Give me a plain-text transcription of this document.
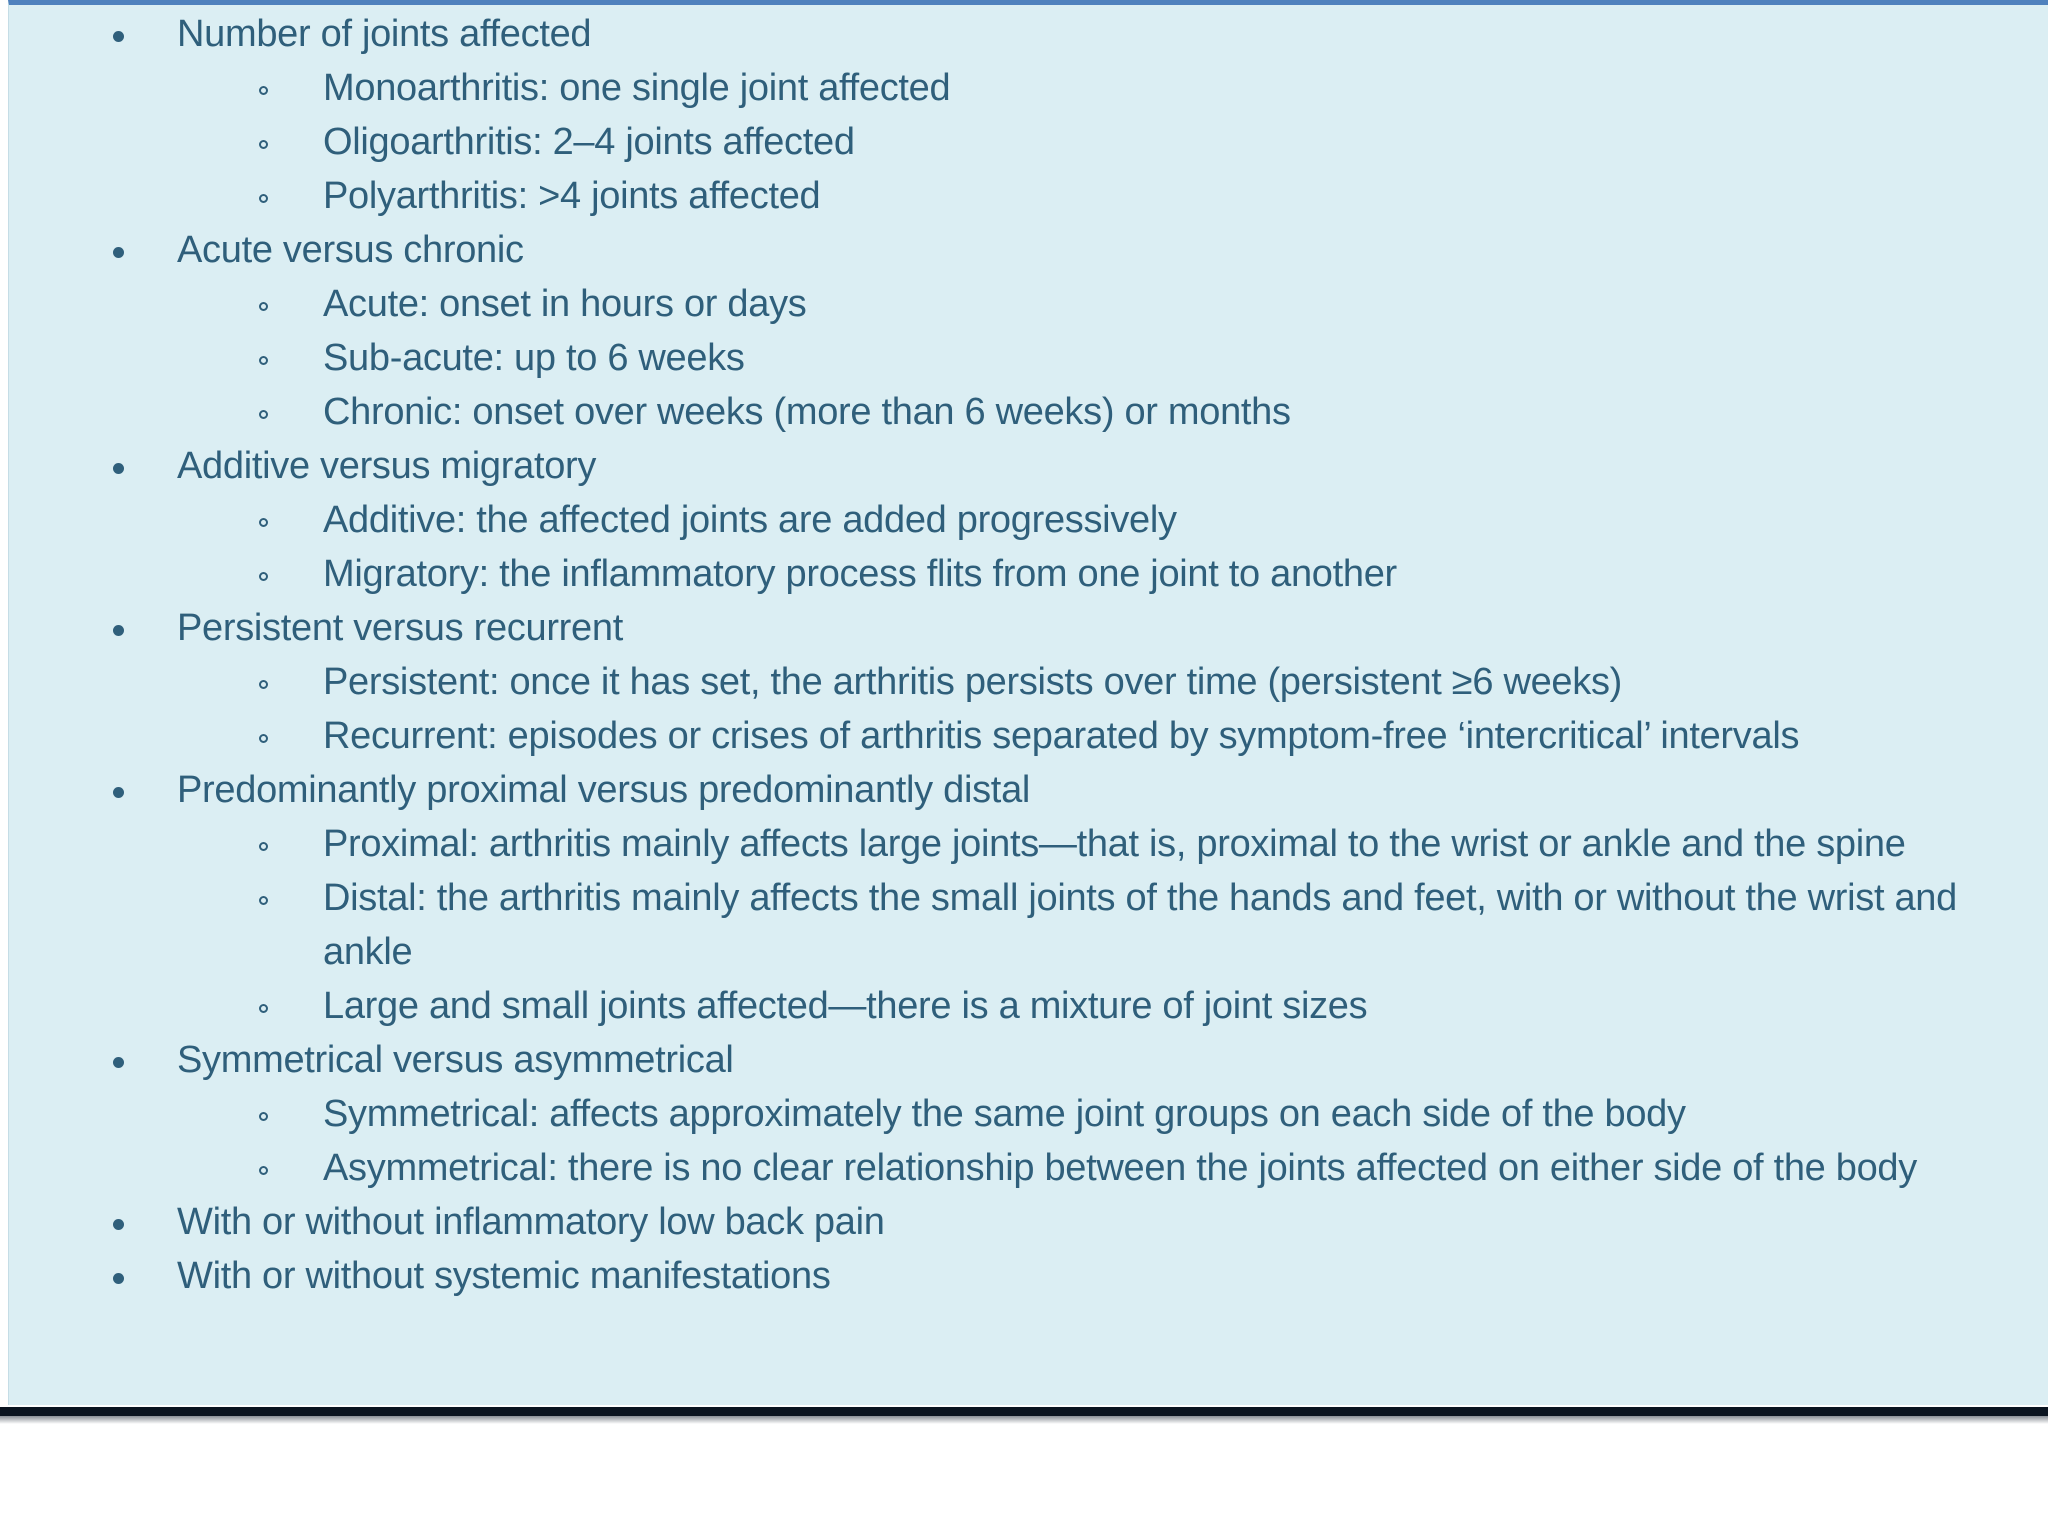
Number of joints affected
Monoarthritis: one single joint affected
Oligoarthritis: 2–4 joints affected
Polyarthritis: >4 joints affected
Acute versus chronic
Acute: onset in hours or days
Sub-acute: up to 6 weeks
Chronic: onset over weeks (more than 6 weeks) or months
Additive versus migratory
Additive: the affected joints are added progressively
Migratory: the inflammatory process flits from one joint to another
Persistent versus recurrent
Persistent: once it has set, the arthritis persists over time (persistent ≥6 weeks)
Recurrent: episodes or crises of arthritis separated by symptom-free ‘intercritical’ intervals
Predominantly proximal versus predominantly distal
Proximal: arthritis mainly affects large joints—that is, proximal to the wrist or ankle and the spine
Distal: the arthritis mainly affects the small joints of the hands and feet, with or without the wrist and ankle
Large and small joints affected—there is a mixture of joint sizes
Symmetrical versus asymmetrical
Symmetrical: affects approximately the same joint groups on each side of the body
Asymmetrical: there is no clear relationship between the joints affected on either side of the body
With or without inflammatory low back pain
With or without systemic manifestations
